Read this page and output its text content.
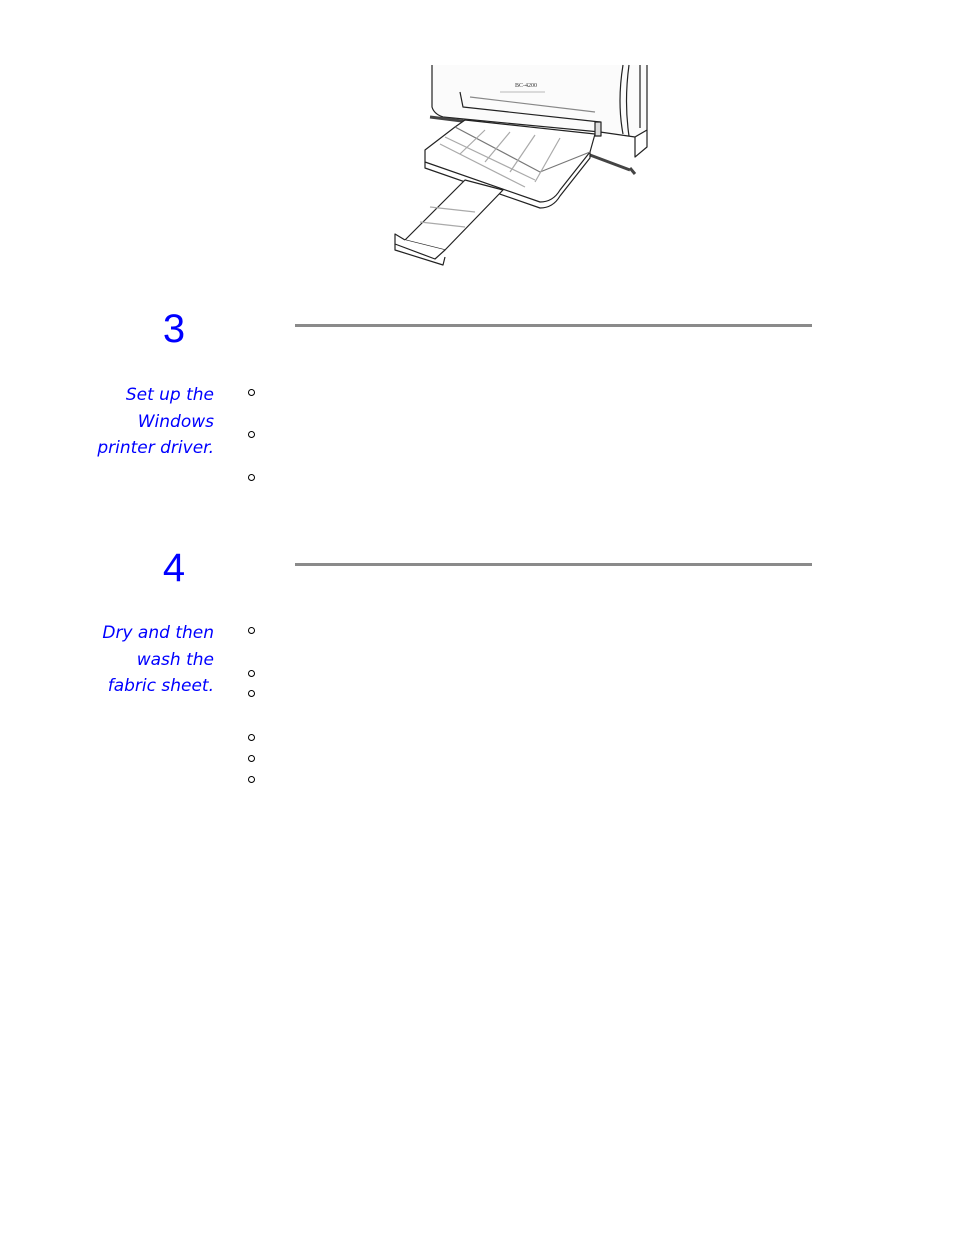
BC-4200
3
Set up the Windows printer driver.
4
Dry and then wash the fabric sheet.
